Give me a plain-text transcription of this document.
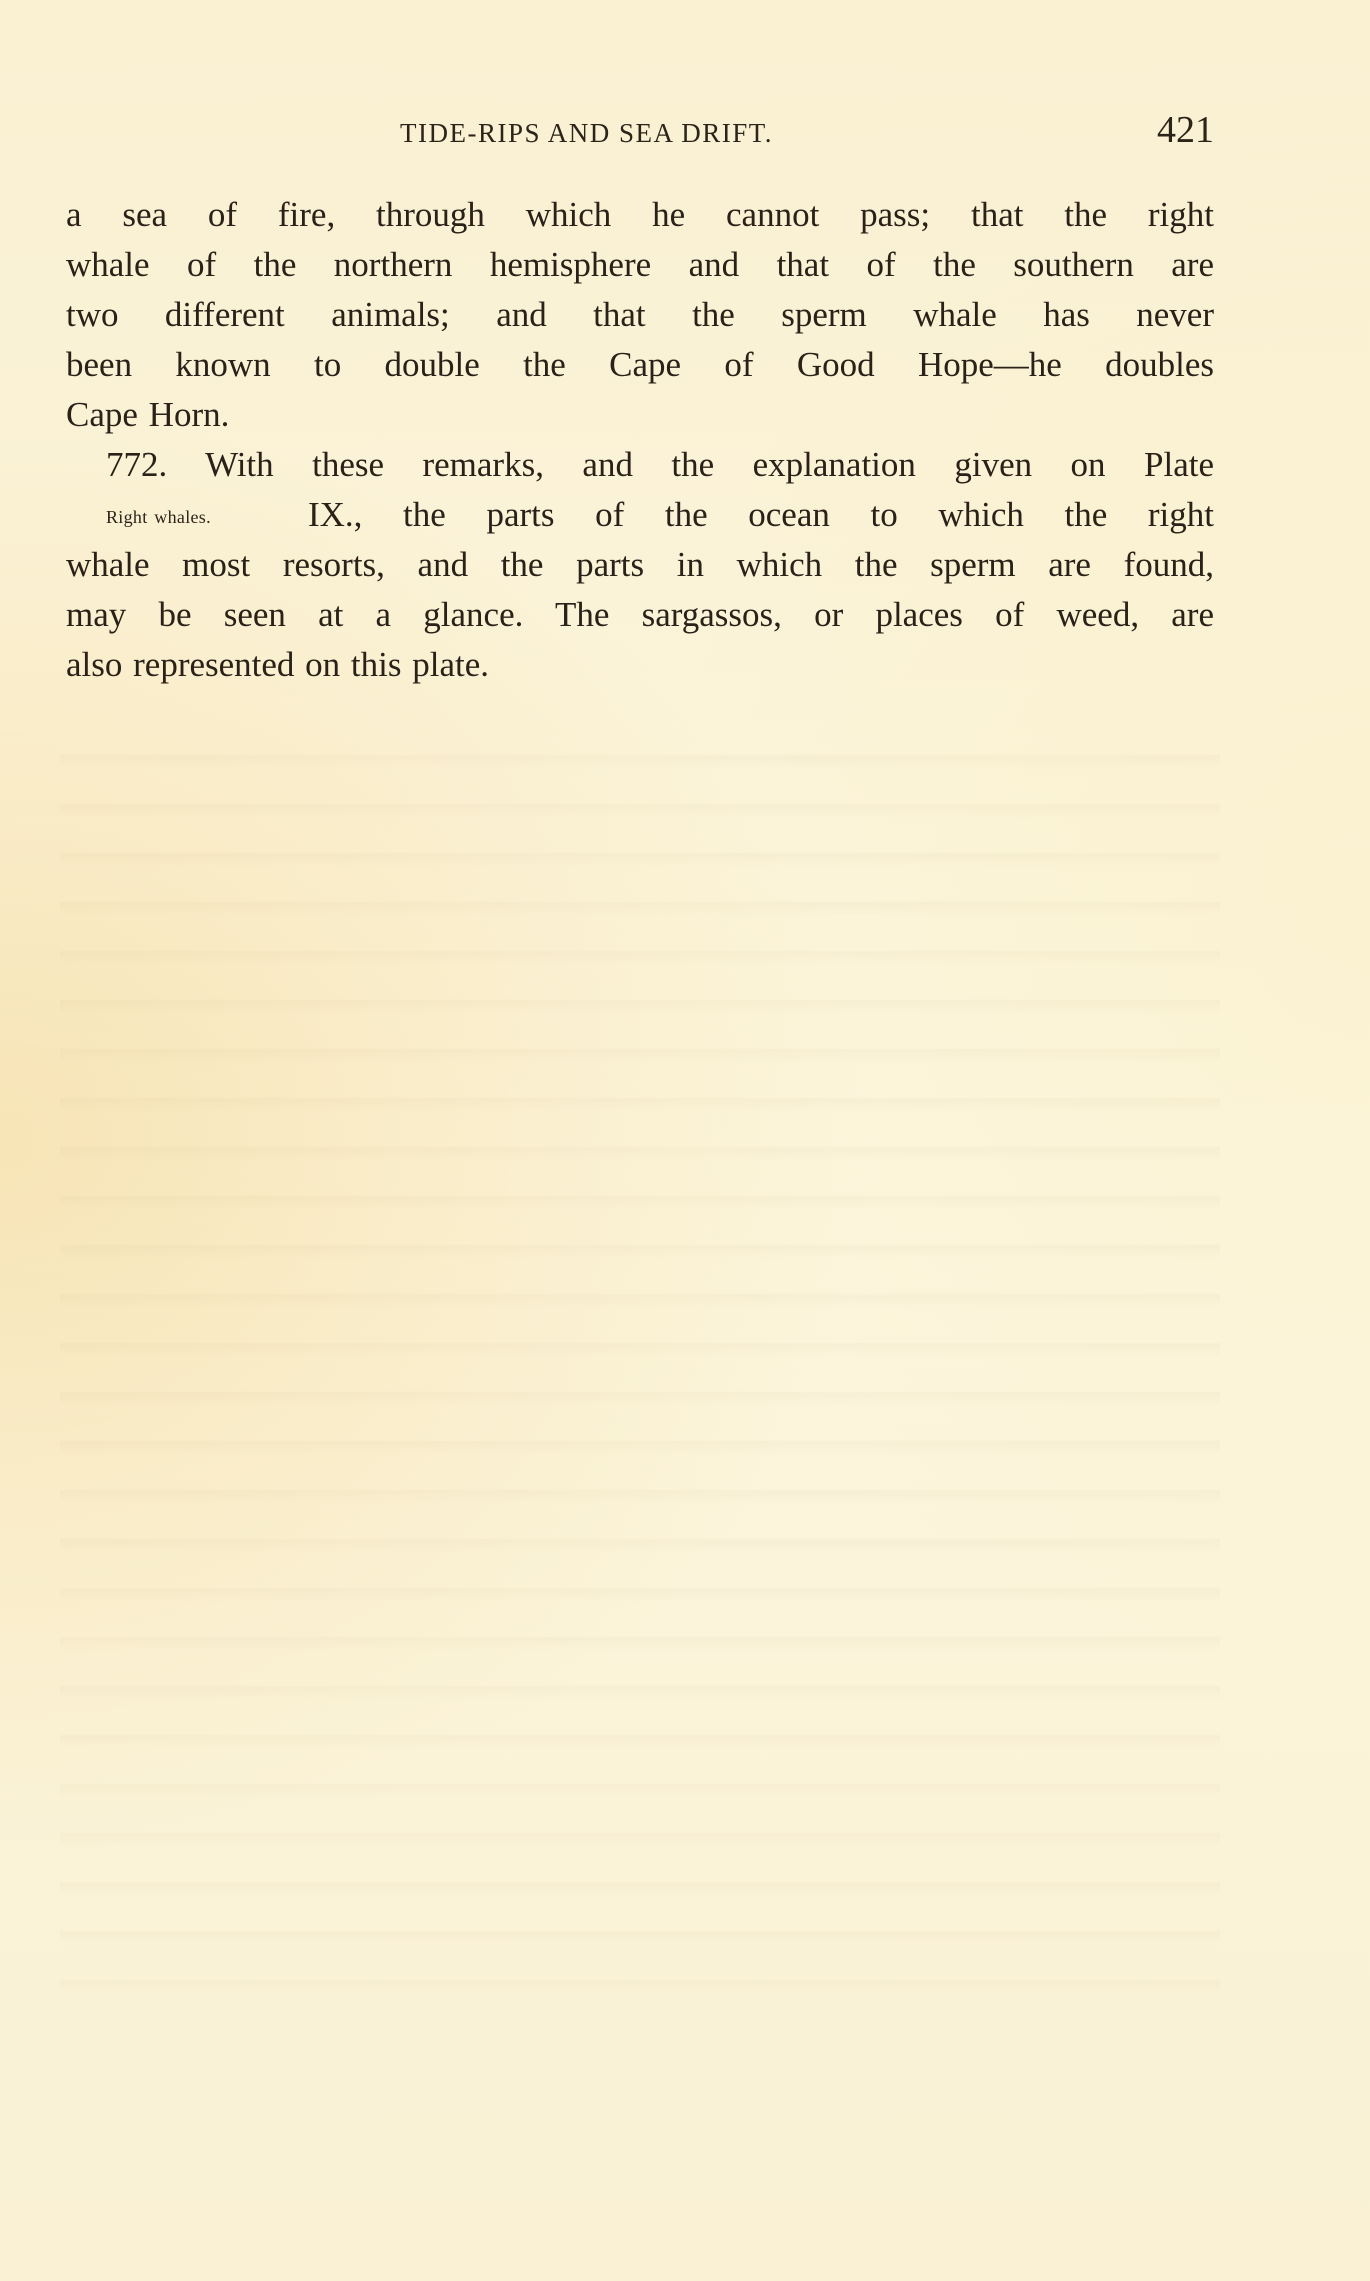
TIDE-RIPS AND SEA DRIFT.	421
a sea of fire, through which he cannot pass; that the right
whale of the northern hemisphere and that of the southern are
two different animals; and that the sperm whale has never
been known to double the Cape of Good Hope—he doubles
Cape Horn.
772. With these remarks, and the explanation given on Plate
Right whales.	IX., the parts of the ocean to which the right
whale most resorts, and the parts in which the sperm are found,
may be seen at a glance. The sargassos, or places of weed, are
also represented on this plate.
